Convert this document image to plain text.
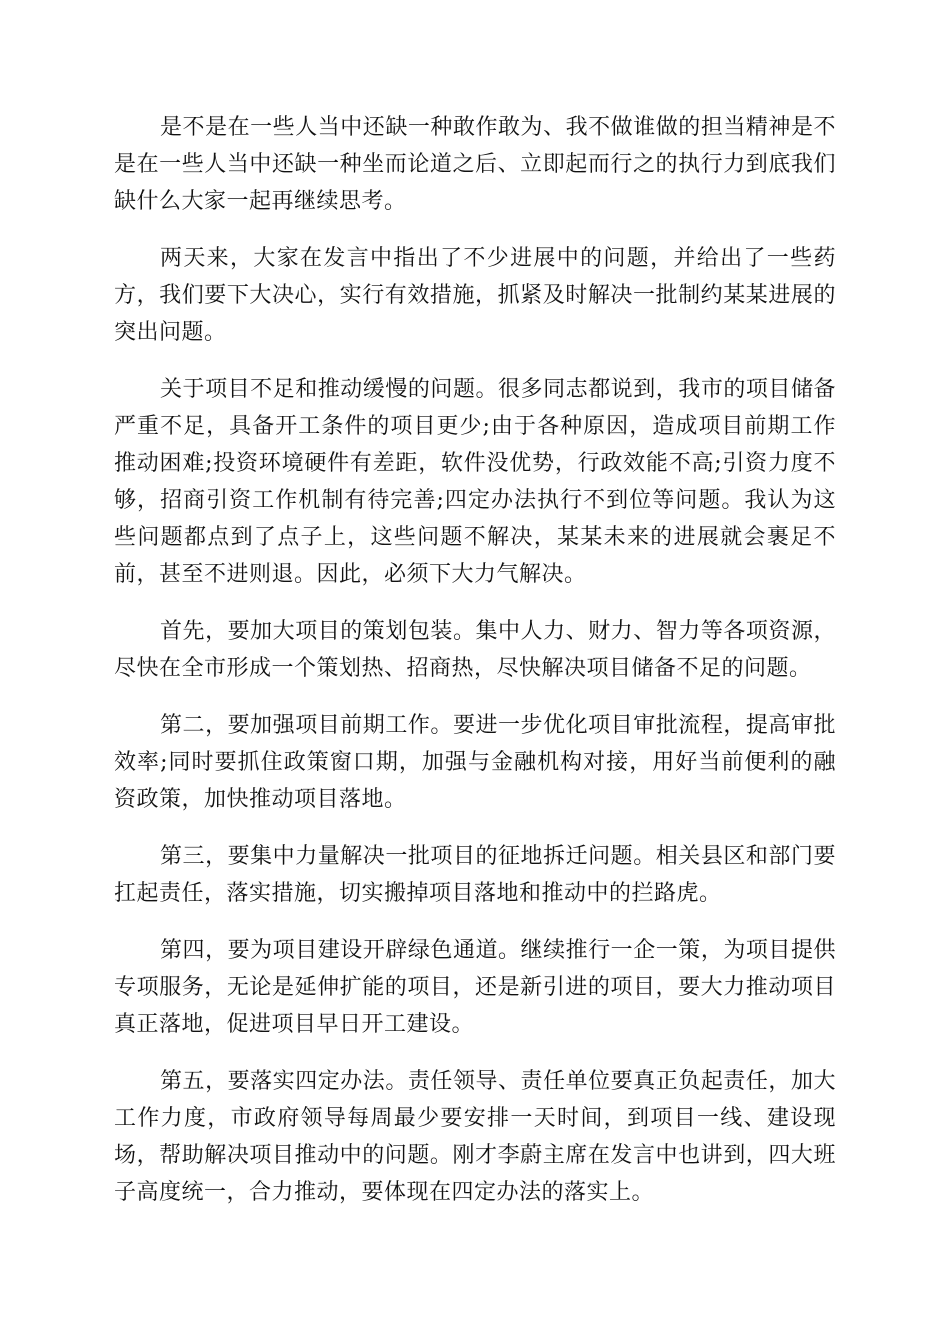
是不是在一些人当中还缺一种敢作敢为、我不做谁做的担当精神是不是在一些人当中还缺一种坐而论道之后、立即起而行之的执行力到底我们缺什么大家一起再继续思考。

两天来，大家在发言中指出了不少进展中的问题，并给出了一些药方，我们要下大决心，实行有效措施，抓紧及时解决一批制约某某进展的突出问题。

关于项目不足和推动缓慢的问题。很多同志都说到，我市的项目储备严重不足，具备开工条件的项目更少;由于各种原因，造成项目前期工作推动困难;投资环境硬件有差距，软件没优势，行政效能不高;引资力度不够，招商引资工作机制有待完善;四定办法执行不到位等问题。我认为这些问题都点到了点子上，这些问题不解决，某某未来的进展就会裹足不前，甚至不进则退。因此，必须下大力气解决。

首先，要加大项目的策划包装。集中人力、财力、智力等各项资源，尽快在全市形成一个策划热、招商热，尽快解决项目储备不足的问题。

第二，要加强项目前期工作。要进一步优化项目审批流程，提高审批效率;同时要抓住政策窗口期，加强与金融机构对接，用好当前便利的融资政策，加快推动项目落地。

第三，要集中力量解决一批项目的征地拆迁问题。相关县区和部门要扛起责任，落实措施，切实搬掉项目落地和推动中的拦路虎。

第四，要为项目建设开辟绿色通道。继续推行一企一策，为项目提供专项服务，无论是延伸扩能的项目，还是新引进的项目，要大力推动项目真正落地，促进项目早日开工建设。

第五，要落实四定办法。责任领导、责任单位要真正负起责任，加大工作力度，市政府领导每周最少要安排一天时间，到项目一线、建设现场，帮助解决项目推动中的问题。刚才李蔚主席在发言中也讲到，四大班子高度统一，合力推动，要体现在四定办法的落实上。
